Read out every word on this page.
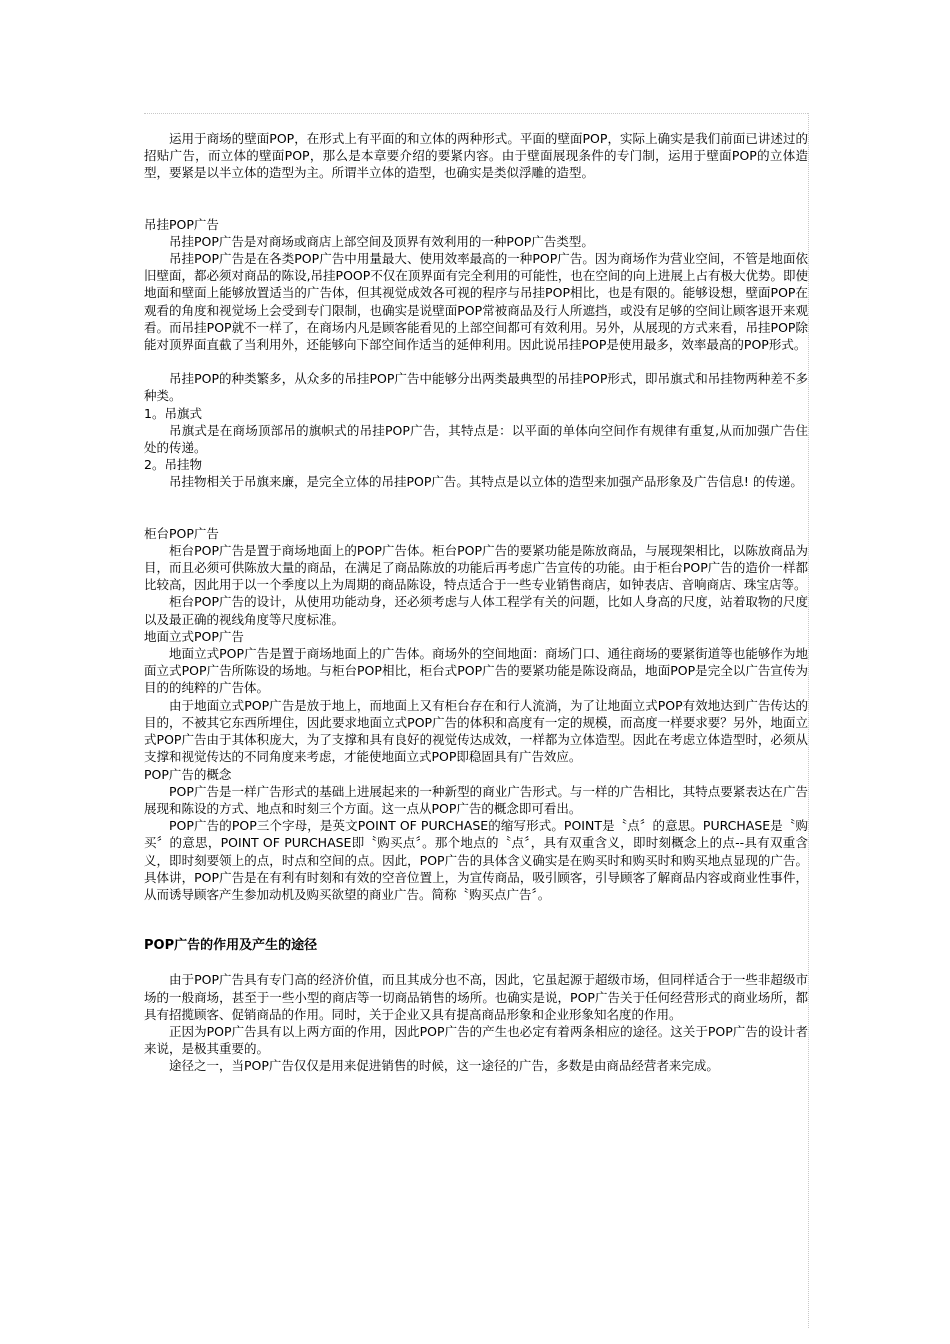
运用于商场的壁面POP，在形式上有平面的和立体的两种形式。平面的壁面POP，实际上确实是我们前面已讲述过的招贴广告，而立体的壁面POP，那么是本章要介绍的要紧内容。由于壁面展现条件的专门制，运用于壁面POP的立体造型，要紧是以半立体的造型为主。所谓半立体的造型，也确实是类似浮雕的造型。

吊挂POP广告

吊挂POP广告是对商场或商店上部空间及顶界有效利用的一种POP广告类型。

吊挂POP广告是在各类POP广告中用量最大、使用效率最高的一种POP广告。因为商场作为营业空间，不管是地面依旧壁面，都必须对商品的陈设,吊挂POOP不仅在顶界面有完全利用的可能性，也在空间的向上进展上占有极大优势。即使地面和壁面上能够放置适当的广告体，但其视觉成效各可视的程序与吊挂POP相比，也是有限的。能够设想，壁面POP在观看的角度和视觉场上会受到专门限制，也确实是说壁面POP常被商品及行人所遮挡，或没有足够的空间让顾客退开来观看。而吊挂POP就不一样了，在商场内凡是顾客能看见的上部空间都可有效利用。另外，从展现的方式来看，吊挂POP除能对顶界面直截了当利用外，还能够向下部空间作适当的延伸利用。因此说吊挂POP是使用最多，效率最高的POP形式。

吊挂POP的种类繁多，从众多的吊挂POP广告中能够分出两类最典型的吊挂POP形式，即吊旗式和吊挂物两种差不多种类。

1。吊旗式

吊旗式是在商场顶部吊的旗帜式的吊挂POP广告，其特点是：以平面的单体向空间作有规律有重复,从而加强广告住处的传递。

2。吊挂物

吊挂物相关于吊旗来廉，是完全立体的吊挂POP广告。其特点是以立体的造型来加强产品形象及广告信息! 的传递。

柜台POP广告

柜台POP广告是置于商场地面上的POP广告体。柜台POP广告的要紧功能是陈放商品，与展现架相比，以陈放商品为目，而且必须可供陈放大量的商品，在满足了商品陈放的功能后再考虑广告宣传的功能。由于柜台POP广告的造价一样都比较高，因此用于以一个季度以上为周期的商品陈设，特点适合于一些专业销售商店，如钟表店、音响商店、珠宝店等。

柜台POP广告的设计，从使用功能动身，还必须考虑与人体工程学有关的问题，比如人身高的尺度，站着取物的尺度以及最正确的视线角度等尺度标准。

地面立式POP广告

地面立式POP广告是置于商场地面上的广告体。商场外的空间地面：商场门口、通往商场的要紧街道等也能够作为地面立式POP广告所陈设的场地。与柜台POP相比，柜台式POP广告的要紧功能是陈设商品，地面POP是完全以广告宣传为目的的纯粹的广告体。

由于地面立式POP广告是放于地上，而地面上又有柜台存在和行人流淌，为了让地面立式POP有效地达到广告传达的目的，不被其它东西所埋住，因此要求地面立式POP广告的体积和高度有一定的规模，而高度一样要求要？另外，地面立式POP广告由于其体积庞大，为了支撑和具有良好的视觉传达成效，一样都为立体造型。因此在考虑立体造型时，必须从支撑和视觉传达的不同角度来考虑，才能使地面立式POP即稳固具有广告效应。

POP广告的概念

POP广告是一样广告形式的基础上进展起来的一种新型的商业广告形式。与一样的广告相比，其特点要紧表达在广告展现和陈设的方式、地点和时刻三个方面。这一点从POP广告的概念即可看出。

POP广告的POP三个字母，是英文POINT OF PURCHASE的缩写形式。POINT是〝点〞的意思。PURCHASE是〝购买〞的意思，POINT OF PURCHASE即〝购买点〞。那个地点的〝点〞，具有双重含义，即时刻概念上的点--具有双重含义，即时刻要领上的点，时点和空间的点。因此，POP广告的具体含义确实是在购买时和购买时和购买地点显现的广告。具体讲，POP广告是在有利有时刻和有效的空音位置上，为宣传商品，吸引顾客，引导顾客了解商品内容或商业性事件，从而诱导顾客产生参加动机及购买欲望的商业广告。简称〝购买点广告〞。

POP广告的作用及产生的途径

由于POP广告具有专门高的经济价值，而且其成分也不高，因此，它虽起源于超级市场，但同样适合于一些非超级市场的一般商场，甚至于一些小型的商店等一切商品销售的场所。也确实是说，POP广告关于任何经营形式的商业场所，都具有招揽顾客、促销商品的作用。同时，关于企业又具有提高商品形象和企业形象知名度的作用。

正因为POP广告具有以上两方面的作用，因此POP广告的产生也必定有着两条相应的途径。这关于POP广告的设计者来说，是极其重要的。

途径之一，当POP广告仅仅是用来促进销售的时候，这一途径的广告，多数是由商品经营者来完成。
